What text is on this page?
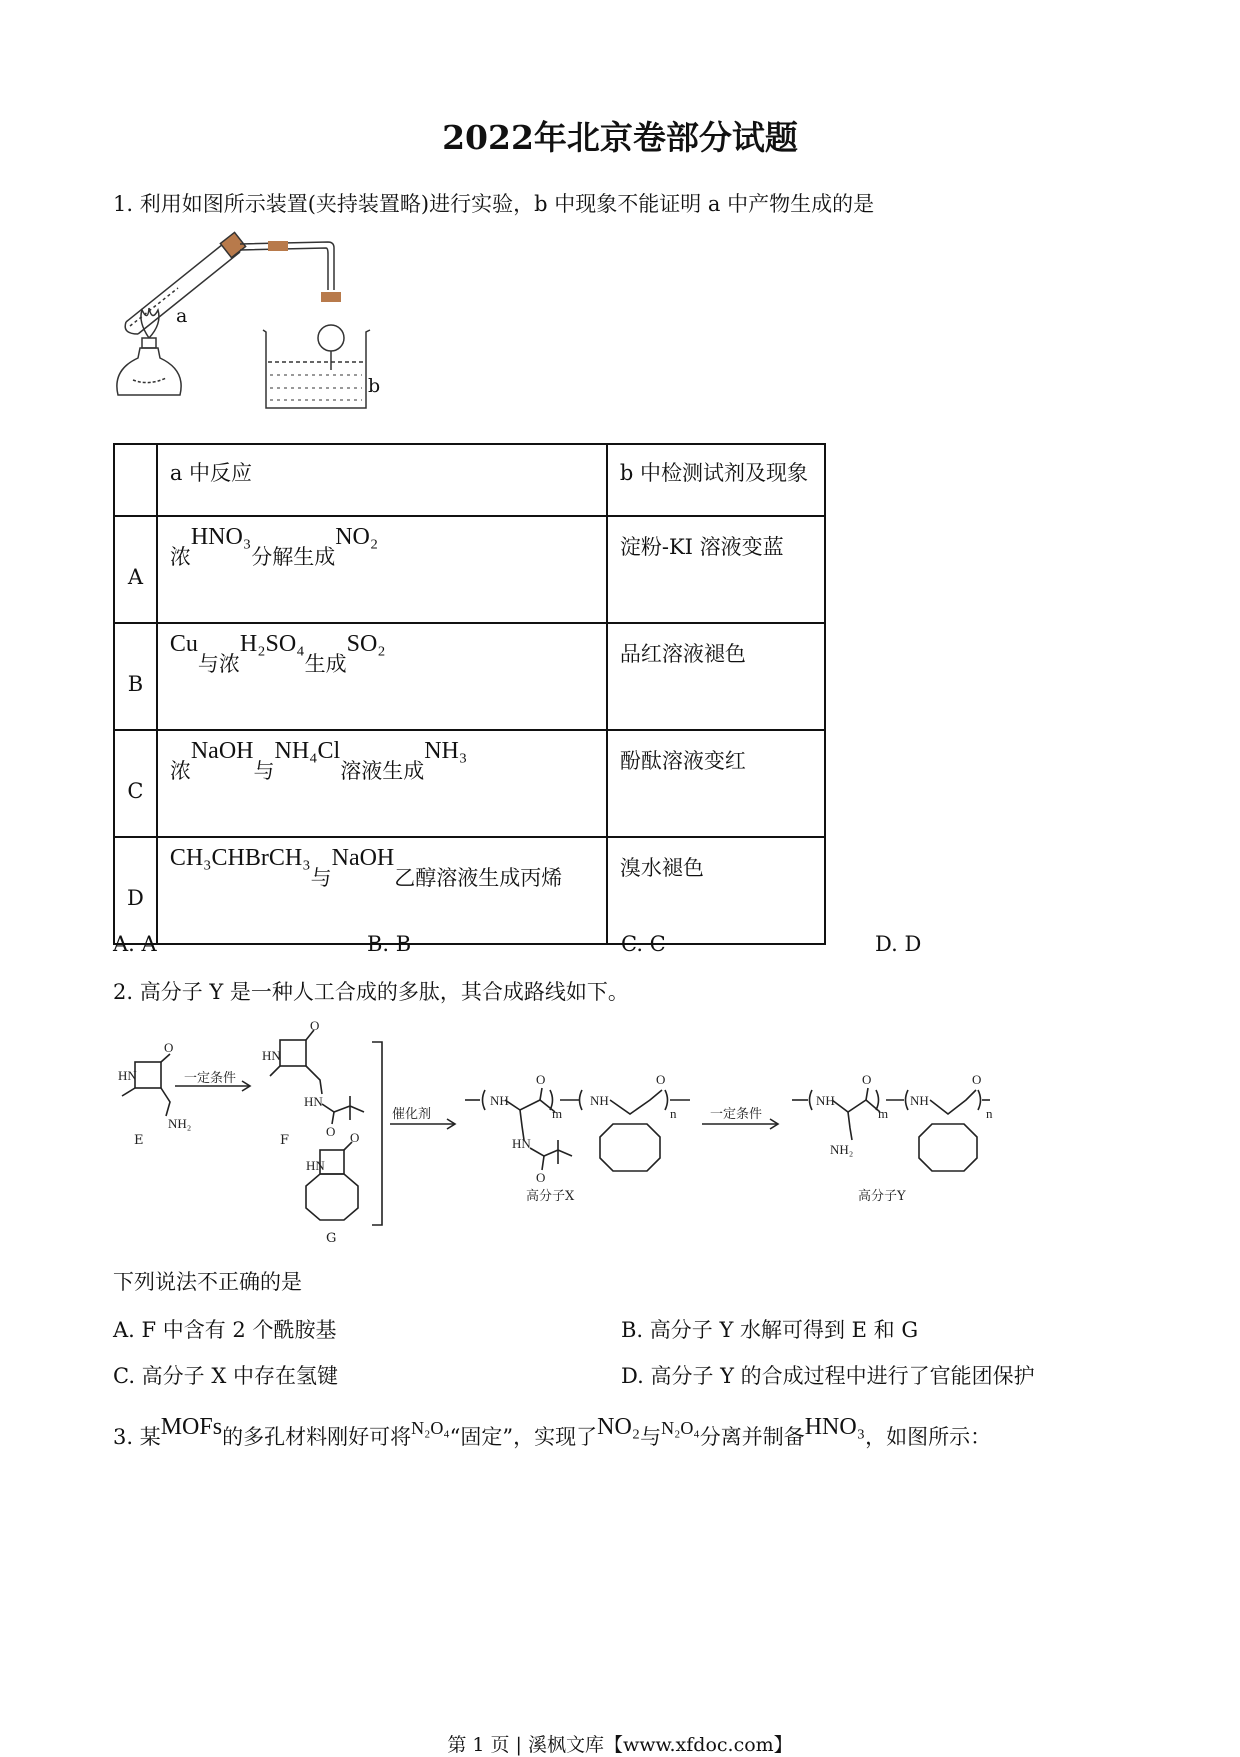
2022年北京卷部分试题
1. 利用如图所示装置(夹持装置略)进行实验，b 中现象不能证明 a 中产物生成的是
a
b
	a 中反应	b 中检测试剂及现象
A	浓HNO₃分解生成NO₂	淀粉-KI 溶液变蓝
B	Cu与浓H₂SO₄生成SO₂	品红溶液褪色
C	浓NaOH与NH₄Cl溶液生成NH₃	酚酞溶液变红
D	CH₃CHBrCH₃与NaOH乙醇溶液生成丙烯	溴水褪色
A. A	B. B	C. C	D. D
2. 高分子 Y 是一种人工合成的多肽，其合成路线如下。
HN
O
NH₂
HN
O
HN
O
HN
O
NH
O
m
NH
O
n
HN
O
NH
O
m
NH
O
n
NH₂
E	F
G
一定条件
催化剂	一定条件
高分子X	高分子Y
下列说法不正确的是
A. F 中含有 2 个酰胺基	B. 高分子 Y 水解可得到 E 和 G
C. 高分子 X 中存在氢键	D. 高分子 Y 的合成过程中进行了官能团保护
3. 某MOFs的多孔材料刚好可将N₂O₄“固定”，实现了NO₂与N₂O₄分离并制备HNO₃，如图所示：
第 1 页 | 溪枫文库【www.xfdoc.com】
